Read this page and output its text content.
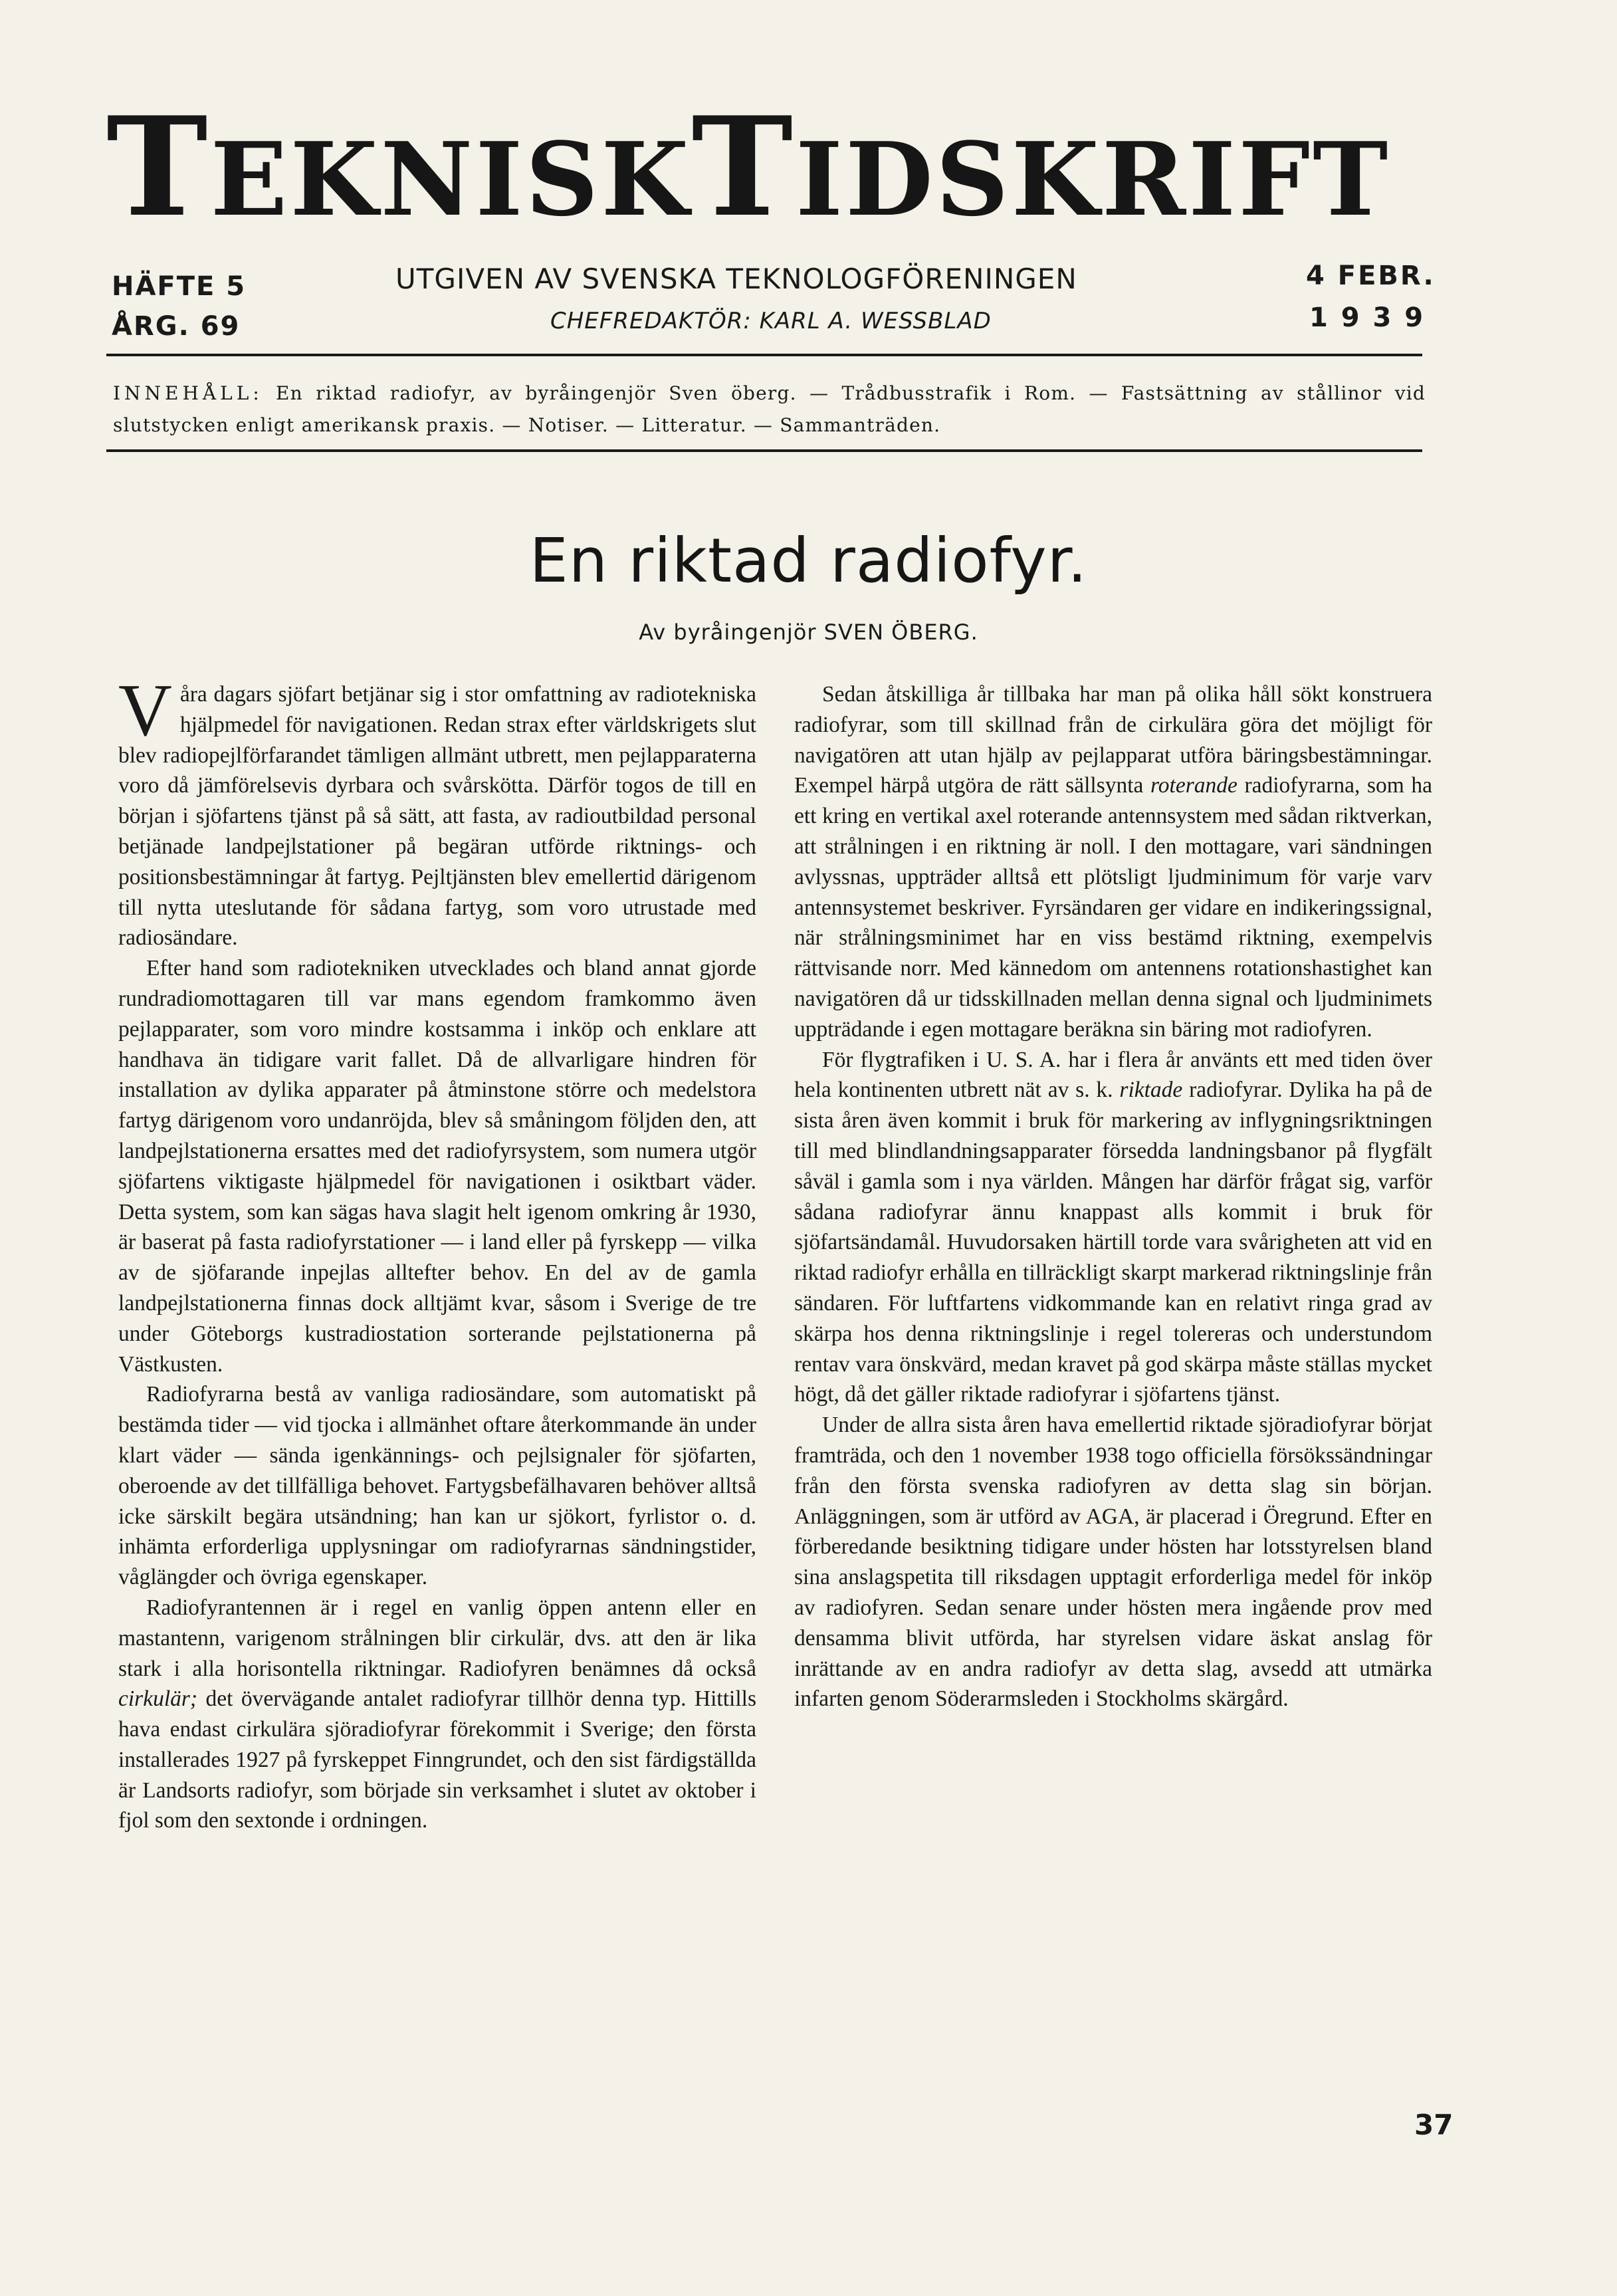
TEKNISKTIDSKRIFT
HÄFTE 5
ÅRG. 69
UTGIVEN AV SVENSKA TEKNOLOGFÖRENINGEN
CHEFREDAKTÖR: KARL A. WESSBLAD
4 FEBR.
1 9 3 9
INNEHÅLL: En riktad radiofyr, av byråingenjör Sven öberg. — Trådbusstrafik i Rom. — Fastsättning av stållinor vid slutstycken enligt amerikansk praxis. — Notiser. — Litteratur. — Sammanträden.
En riktad radiofyr.
Av byråingenjör SVEN ÖBERG.

Våra dagars sjöfart betjänar sig i stor omfattning av radiotekniska hjälpmedel för navigationen. Redan strax efter världskrigets slut blev radiopejlförfarandet tämligen allmänt utbrett, men pejlapparaterna voro då jämförelsevis dyrbara och svårskötta. Därför togos de till en början i sjöfartens tjänst på så sätt, att fasta, av radioutbildad personal betjänade landpejlstationer på begäran utförde riktnings- och positionsbestämningar åt fartyg. Pejltjänsten blev emellertid därigenom till nytta uteslutande för sådana fartyg, som voro utrustade med radiosändare.

Efter hand som radiotekniken utvecklades och bland annat gjorde rundradiomottagaren till var mans egendom framkommo även pejlapparater, som voro mindre kostsamma i inköp och enklare att handhava än tidigare varit fallet. Då de allvarligare hindren för installation av dylika apparater på åtminstone större och medelstora fartyg därigenom voro undanröjda, blev så småningom följden den, att landpejlstationerna ersattes med det radiofyrsystem, som numera utgör sjöfartens viktigaste hjälpmedel för navigationen i osiktbart väder. Detta system, som kan sägas hava slagit helt igenom omkring år 1930, är baserat på fasta radiofyrstationer — i land eller på fyrskepp — vilka av de sjöfarande inpejlas alltefter behov. En del av de gamla landpejlstationerna finnas dock alltjämt kvar, såsom i Sverige de tre under Göteborgs kustradiostation sorterande pejlstationerna på Västkusten.

Radiofyrarna bestå av vanliga radiosändare, som automatiskt på bestämda tider — vid tjocka i allmänhet oftare återkommande än under klart väder — sända igenkännings- och pejlsignaler för sjöfarten, oberoende av det tillfälliga behovet. Fartygsbefälhavaren behöver alltså icke särskilt begära utsändning; han kan ur sjökort, fyrlistor o. d. inhämta erforderliga upplysningar om radiofyrarnas sändningstider, våglängder och övriga egenskaper.

Radiofyrantennen är i regel en vanlig öppen antenn eller en mastantenn, varigenom strålningen blir cirkulär, dvs. att den är lika stark i alla horisontella riktningar. Radiofyren benämnes då också cirkulär; det övervägande antalet radiofyrar tillhör denna typ. Hittills hava endast cirkulära sjöradiofyrar förekommit i Sverige; den första installerades 1927 på fyrskeppet Finngrundet, och den sist färdigställda är Landsorts radiofyr, som började sin verksamhet i slutet av oktober i fjol som den sextonde i ordningen.

Sedan åtskilliga år tillbaka har man på olika håll sökt konstruera radiofyrar, som till skillnad från de cirkulära göra det möjligt för navigatören att utan hjälp av pejlapparat utföra bäringsbestämningar. Exempel härpå utgöra de rätt sällsynta roterande radiofyrarna, som ha ett kring en vertikal axel roterande antennsystem med sådan riktverkan, att strålningen i en riktning är noll. I den mottagare, vari sändningen avlyssnas, uppträder alltså ett plötsligt ljudminimum för varje varv antennsystemet beskriver. Fyrsändaren ger vidare en indikeringssignal, när strålningsminimet har en viss bestämd riktning, exempelvis rättvisande norr. Med kännedom om antennens rotationshastighet kan navigatören då ur tidsskillnaden mellan denna signal och ljudminimets uppträdande i egen mottagare beräkna sin bäring mot radiofyren.

För flygtrafiken i U. S. A. har i flera år använts ett med tiden över hela kontinenten utbrett nät av s. k. riktade radiofyrar. Dylika ha på de sista åren även kommit i bruk för markering av inflygningsriktningen till med blindlandningsapparater försedda landningsbanor på flygfält såväl i gamla som i nya världen. Mången har därför frågat sig, varför sådana radiofyrar ännu knappast alls kommit i bruk för sjöfartsändamål. Huvudorsaken härtill torde vara svårigheten att vid en riktad radiofyr erhålla en tillräckligt skarpt markerad riktningslinje från sändaren. För luftfartens vidkommande kan en relativt ringa grad av skärpa hos denna riktningslinje i regel tolereras och understundom rentav vara önskvärd, medan kravet på god skärpa måste ställas mycket högt, då det gäller riktade radiofyrar i sjöfartens tjänst.

Under de allra sista åren hava emellertid riktade sjöradiofyrar börjat framträda, och den 1 november 1938 togo officiella försökssändningar från den första svenska radiofyren av detta slag sin början. Anläggningen, som är utförd av AGA, är placerad i Öregrund. Efter en förberedande besiktning tidigare under hösten har lotsstyrelsen bland sina anslagspetita till riksdagen upptagit erforderliga medel för inköp av radiofyren. Sedan senare under hösten mera ingående prov med densamma blivit utförda, har styrelsen vidare äskat anslag för inrättande av en andra radiofyr av detta slag, avsedd att utmärka infarten genom Söderarmsleden i Stockholms skärgård.

37
